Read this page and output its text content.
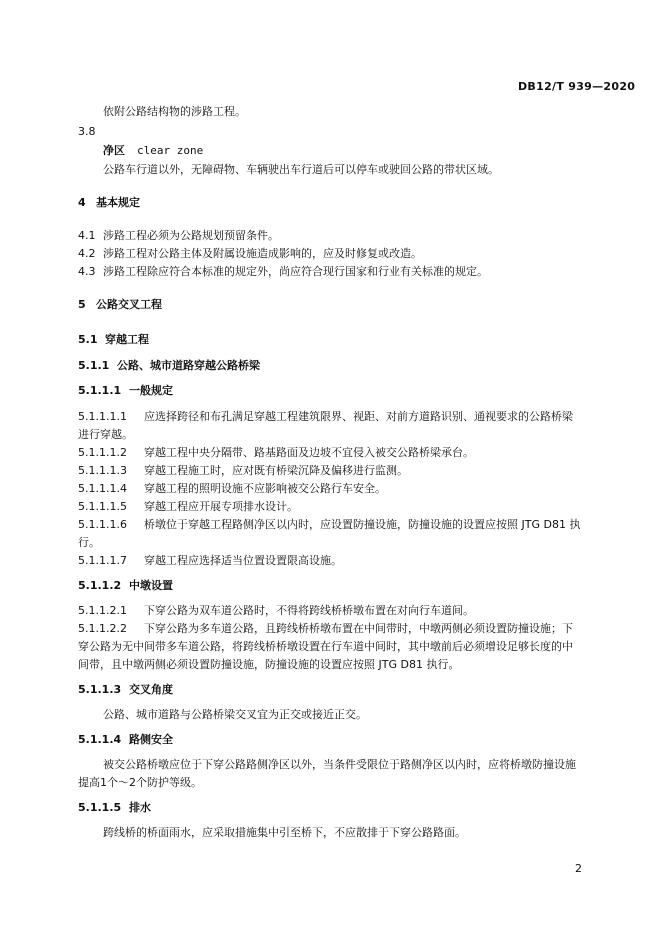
DB12/T 939—2020
依附公路结构物的涉路工程。
3.8
净区 clear zone
公路车行道以外，无障碍物、车辆驶出车行道后可以停车或驶回公路的带状区域。
4 基本规定
4.1 涉路工程必须为公路规划预留条件。
4.2 涉路工程对公路主体及附属设施造成影响的，应及时修复或改造。
4.3 涉路工程除应符合本标准的规定外，尚应符合现行国家和行业有关标准的规定。
5 公路交叉工程
5.1 穿越工程
5.1.1 公路、城市道路穿越公路桥梁
5.1.1.1 一般规定
5.1.1.1.1 应选择跨径和布孔满足穿越工程建筑限界、视距、对前方道路识别、通视要求的公路桥梁
进行穿越。
5.1.1.1.2 穿越工程中央分隔带、路基路面及边坡不宜侵入被交公路桥梁承台。
5.1.1.1.3 穿越工程施工时，应对既有桥梁沉降及偏移进行监测。
5.1.1.1.4 穿越工程的照明设施不应影响被交公路行车安全。
5.1.1.1.5 穿越工程应开展专项排水设计。
5.1.1.1.6 桥墩位于穿越工程路侧净区以内时，应设置防撞设施，防撞设施的设置应按照 JTG D81 执
行。
5.1.1.1.7 穿越工程应选择适当位置设置限高设施。
5.1.1.2 中墩设置
5.1.1.2.1 下穿公路为双车道公路时，不得将跨线桥桥墩布置在对向行车道间。
5.1.1.2.2 下穿公路为多车道公路，且跨线桥桥墩布置在中间带时，中墩两侧必须设置防撞设施；下
穿公路为无中间带多车道公路，将跨线桥桥墩设置在行车道中间时，其中墩前后必须增设足够长度的中
间带，且中墩两侧必须设置防撞设施，防撞设施的设置应按照 JTG D81 执行。
5.1.1.3 交叉角度
公路、城市道路与公路桥梁交叉宜为正交或接近正交。
5.1.1.4 路侧安全
被交公路桥墩应位于下穿公路路侧净区以外，当条件受限位于路侧净区以内时，应将桥墩防撞设施
提高1个～2个防护等级。
5.1.1.5 排水
跨线桥的桥面雨水，应采取措施集中引至桥下，不应散排于下穿公路路面。
2
